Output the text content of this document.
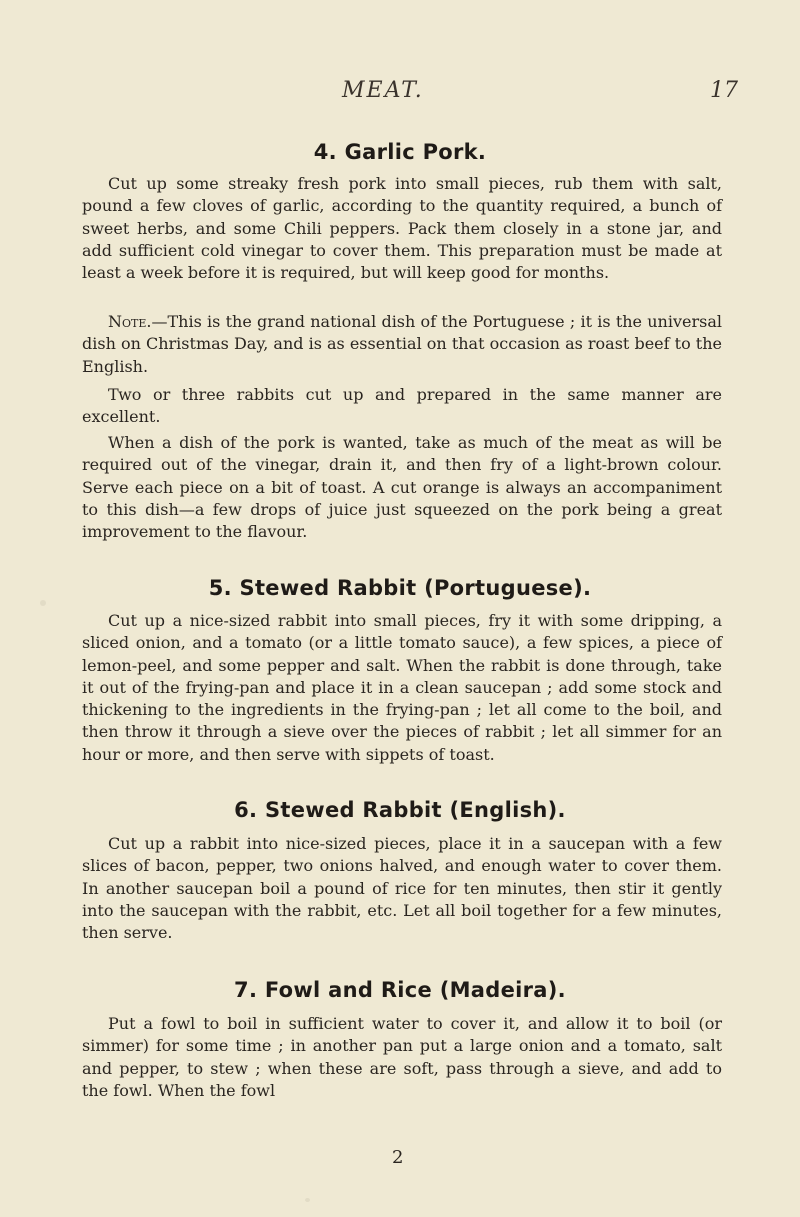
MEAT.	17
4. Garlic Pork.

Cut up some streaky fresh pork into small pieces, rub them with salt, pound a few cloves of garlic, according to the quantity required, a bunch of sweet herbs, and some Chili peppers. Pack them closely in a stone jar, and add sufficient cold vinegar to cover them. This preparation must be made at least a week before it is required, but will keep good for months.

Note.—This is the grand national dish of the Portuguese ; it is the universal dish on Christmas Day, and is as essential on that occasion as roast beef to the English.

Two or three rabbits cut up and prepared in the same manner are excellent.

When a dish of the pork is wanted, take as much of the meat as will be required out of the vinegar, drain it, and then fry of a light-brown colour. Serve each piece on a bit of toast. A cut orange is always an accompaniment to this dish—a few drops of juice just squeezed on the pork being a great improvement to the flavour.

5. Stewed Rabbit (Portuguese).

Cut up a nice-sized rabbit into small pieces, fry it with some dripping, a sliced onion, and a tomato (or a little tomato sauce), a few spices, a piece of lemon-peel, and some pepper and salt. When the rabbit is done through, take it out of the frying-pan and place it in a clean saucepan ; add some stock and thickening to the ingredients in the frying-pan ; let all come to the boil, and then throw it through a sieve over the pieces of rabbit ; let all simmer for an hour or more, and then serve with sippets of toast.

6. Stewed Rabbit (English).

Cut up a rabbit into nice-sized pieces, place it in a saucepan with a few slices of bacon, pepper, two onions halved, and enough water to cover them. In another saucepan boil a pound of rice for ten minutes, then stir it gently into the saucepan with the rabbit, etc. Let all boil together for a few minutes, then serve.

7. Fowl and Rice (Madeira).

Put a fowl to boil in sufficient water to cover it, and allow it to boil (or simmer) for some time ; in another pan put a large onion and a tomato, salt and pepper, to stew ; when these are soft, pass through a sieve, and add to the fowl. When the fowl

2
